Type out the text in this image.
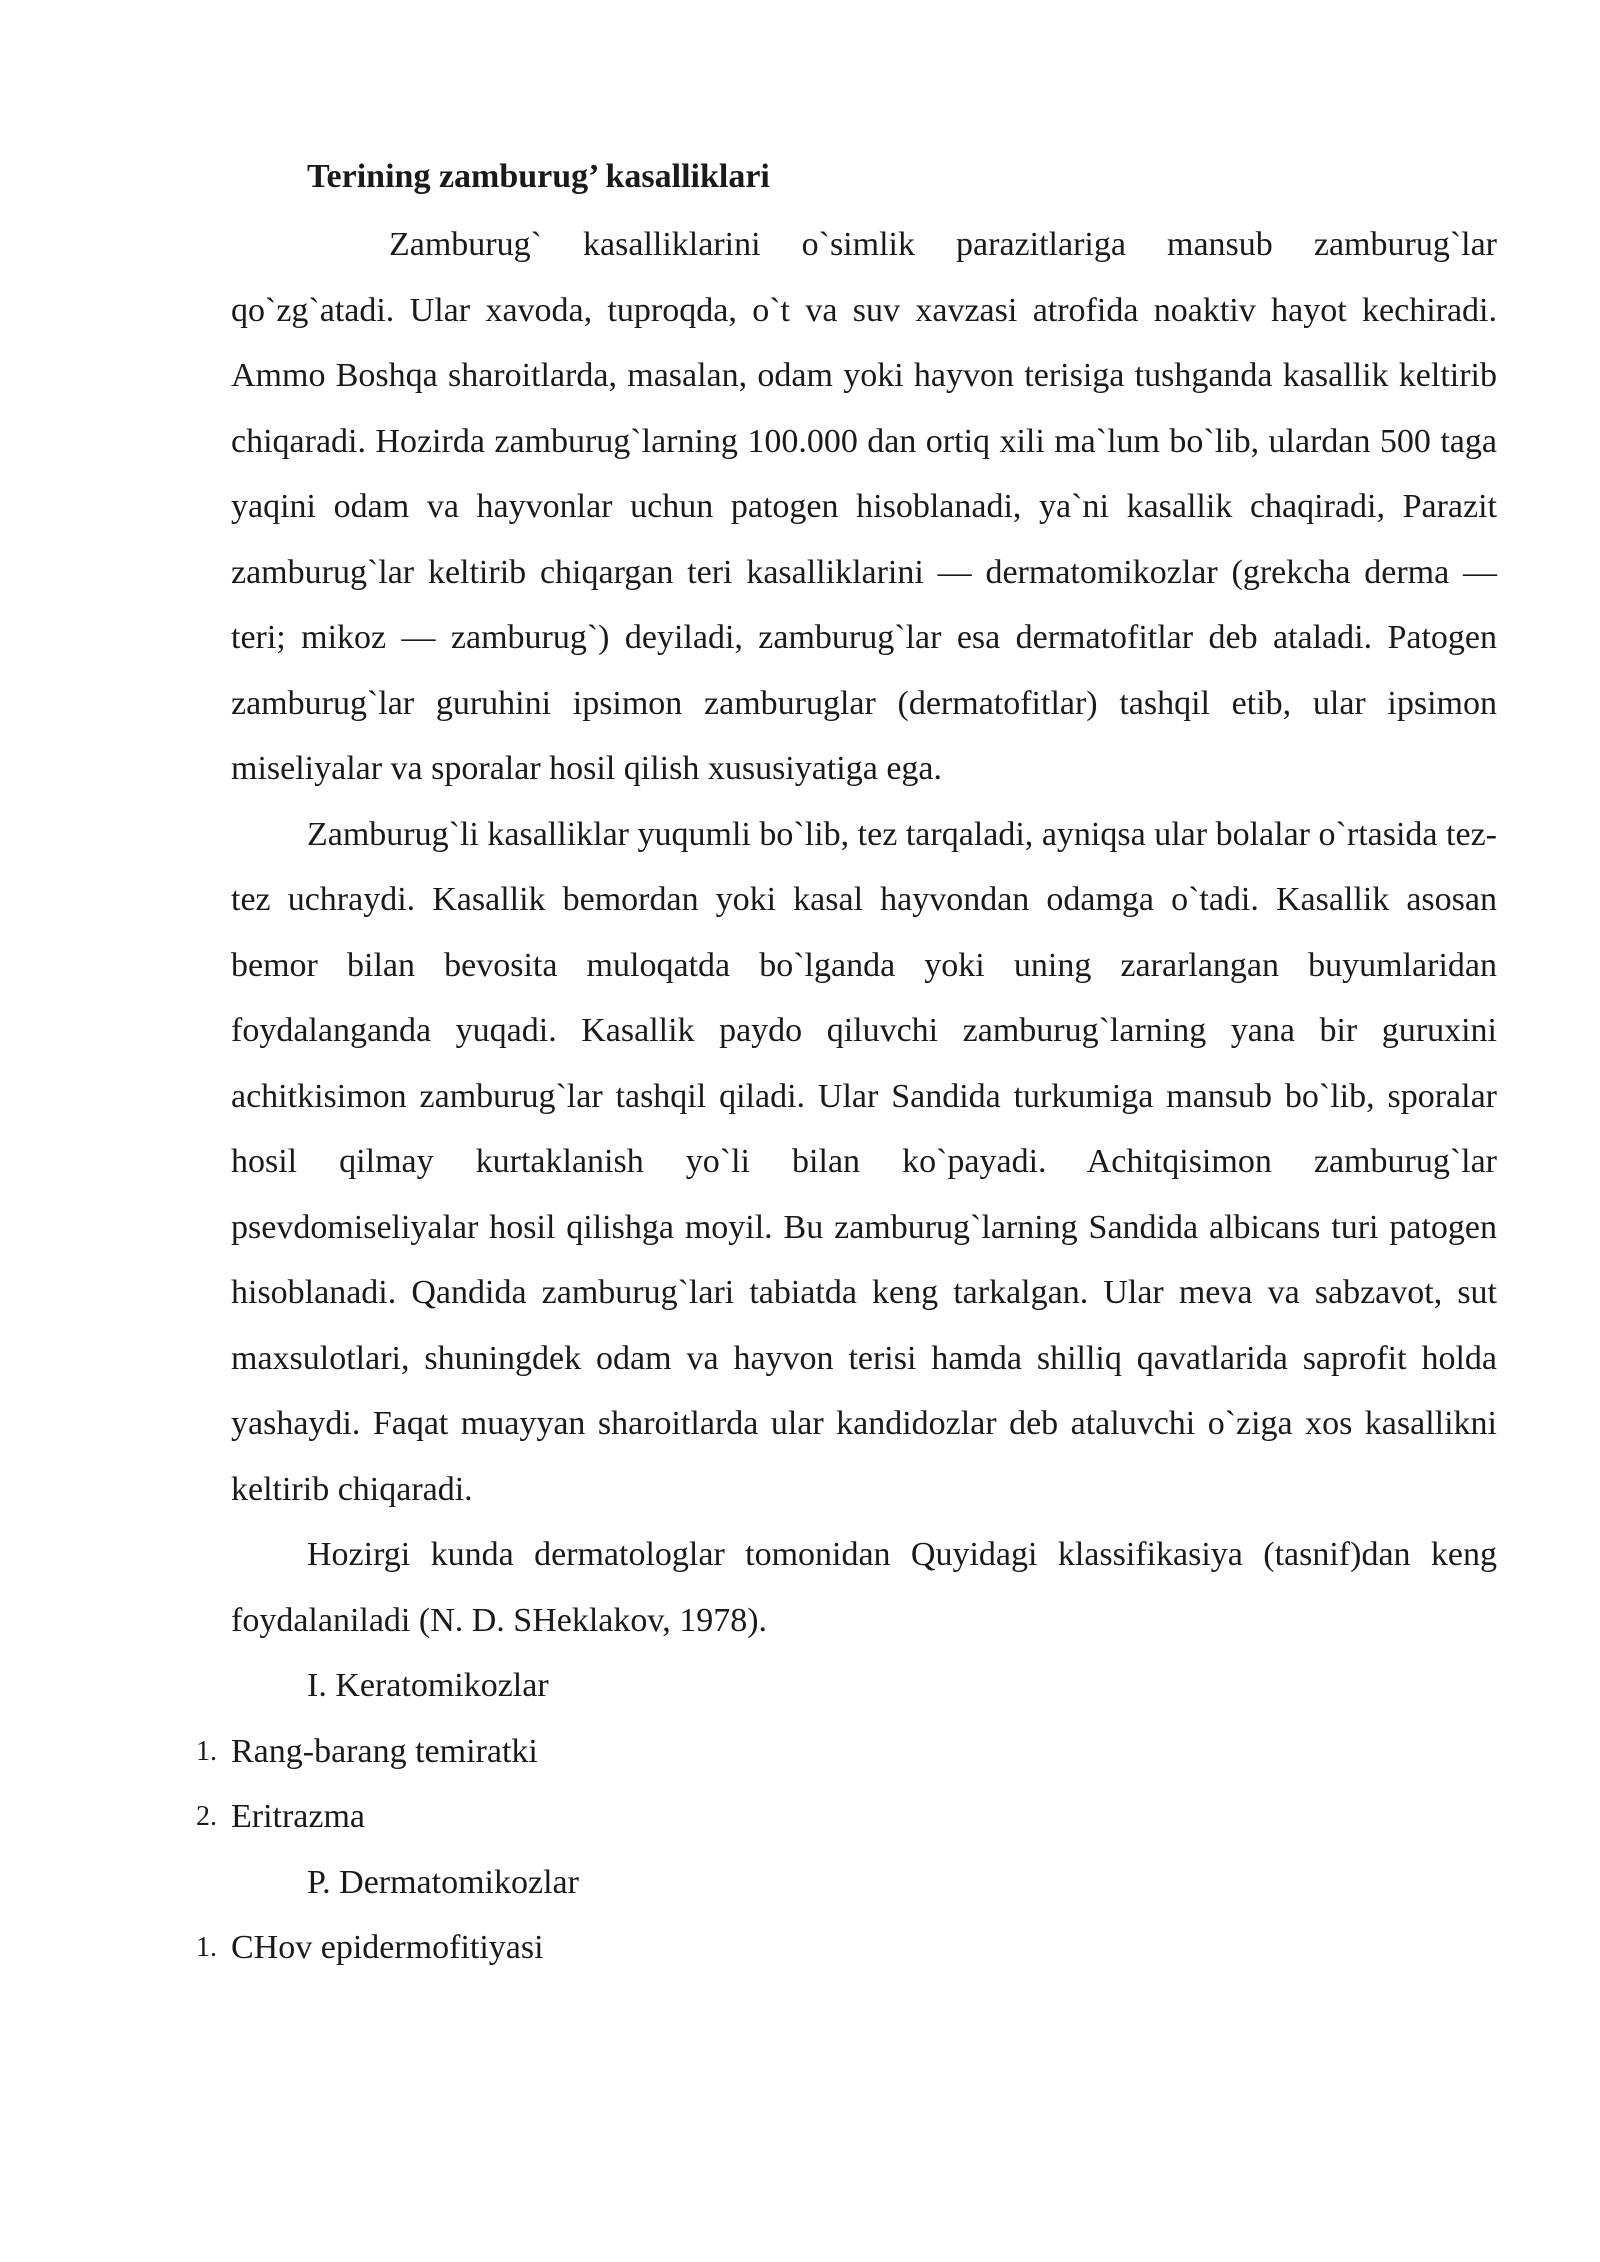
Terining zamburug’ kasalliklari

Zamburug` kasalliklarini o`simlik parazitlariga mansub zamburug`lar qo`zg`atadi. Ular xavoda, tuproqda, o`t va suv xavzasi atrofida noaktiv hayot kechiradi. Ammo Boshqa sharoitlarda, masalan, odam yoki hayvon terisiga tushganda kasallik keltirib chiqaradi. Hozirda zamburug`larning 100.000 dan ortiq xili ma`lum bo`lib, ulardan 500 taga yaqini odam va hayvonlar uchun patogen hisoblanadi, ya`ni kasallik chaqiradi, Parazit zamburug`lar keltirib chiqargan teri kasalliklarini — dermatomikozlar (grekcha derma — teri; mikoz — zamburug`) deyiladi, zamburug`lar esa dermatofitlar deb ataladi. Patogen zamburug`lar guruhini ipsimon zamburuglar (dermatofitlar) tashqil etib, ular ipsimon miseliyalar va sporalar hosil qilish xususiyatiga ega.

Zamburug`li kasalliklar yuqumli bo`lib, tez tarqaladi, ayniqsa ular bolalar o`rtasida tez-tez uchraydi. Kasallik bemordan yoki kasal hayvondan odamga o`tadi. Kasallik asosan bemor bilan bevosita muloqatda bo`lganda yoki uning zararlangan buyumlaridan foydalanganda yuqadi. Kasallik paydo qiluvchi zamburug`larning yana bir guruxini achitkisimon zamburug`lar tashqil qiladi. Ular Sandida turkumiga mansub bo`lib, sporalar hosil qilmay kurtaklanish yo`li bilan ko`payadi. Achitqisimon zamburug`lar psevdomiseliyalar hosil qilishga moyil. Bu zamburug`larning Sandida albicans turi patogen hisoblanadi. Qandida zamburug`lari tabiatda keng tarkalgan. Ular meva va sabzavot, sut maxsulotlari, shuningdek odam va hayvon terisi hamda shilliq qavatlarida saprofit holda yashaydi. Faqat muayyan sharoitlarda ular kandidozlar deb ataluvchi o`ziga xos kasallikni keltirib chiqaradi.

Hozirgi kunda dermatologlar tomonidan Quyidagi klassifikasiya (tasnif)dan keng foydalaniladi (N. D. SHeklakov, 1978).

I. Keratomikozlar
1. Rang-barang temiratki
2. Eritrazma
P. Dermatomikozlar
1. CHov epidermofitiyasi
